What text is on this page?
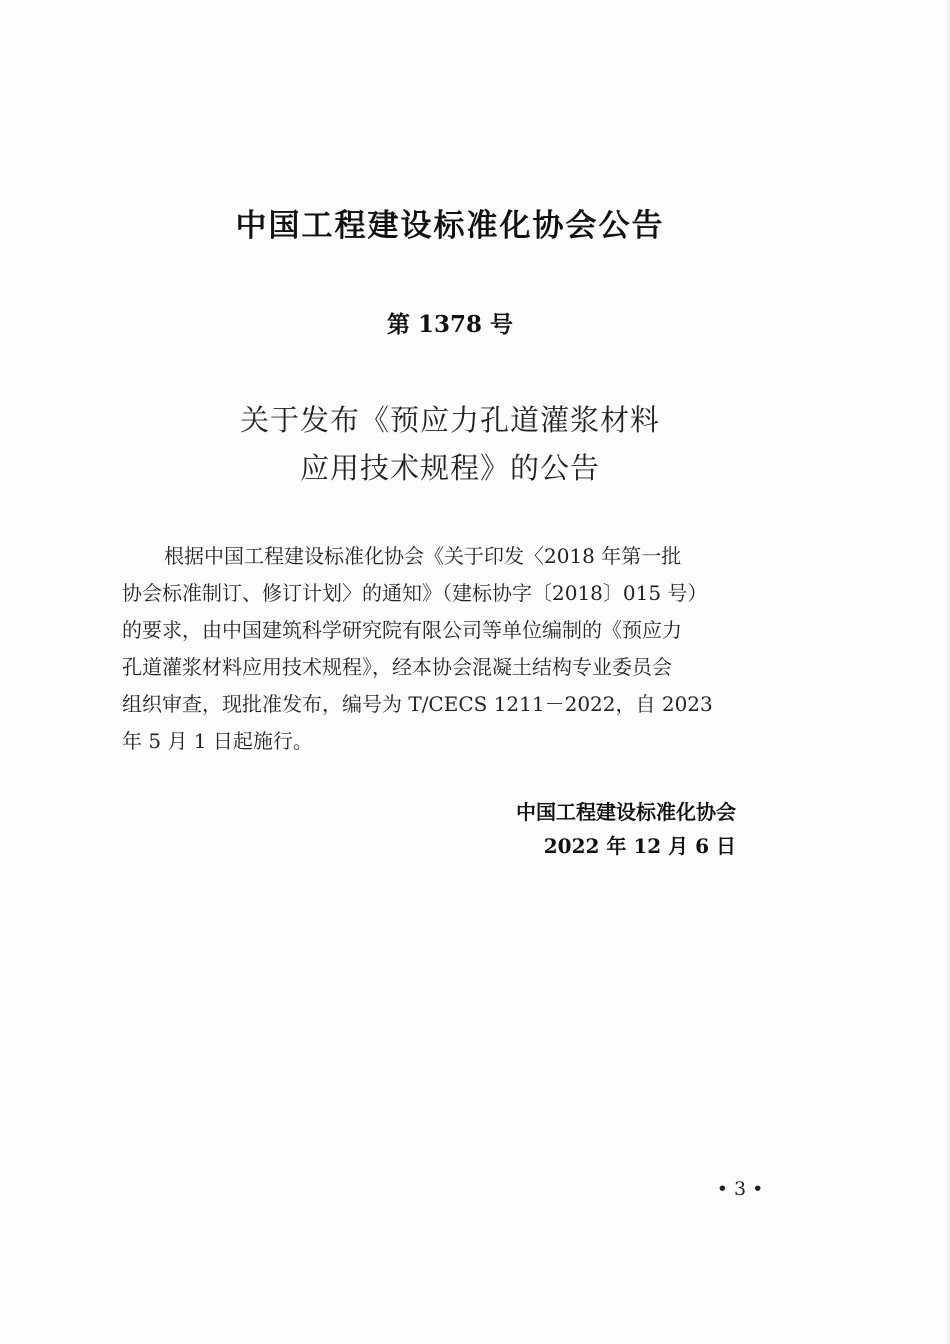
中国工程建设标准化协会公告
第 1378 号
关于发布《预应力孔道灌浆材料
应用技术规程》的公告
根据中国工程建设标准化协会《关于印发〈2018 年第一批
协会标准制订、修订计划〉的通知》（建标协字〔2018〕015 号）
的要求，由中国建筑科学研究院有限公司等单位编制的《预应力
孔道灌浆材料应用技术规程》，经本协会混凝土结构专业委员会
组织审查，现批准发布，编号为 T/CECS 1211－2022，自 2023
年 5 月 1 日起施行。
中国工程建设标准化协会
2022 年 12 月 6 日
• 3 •
